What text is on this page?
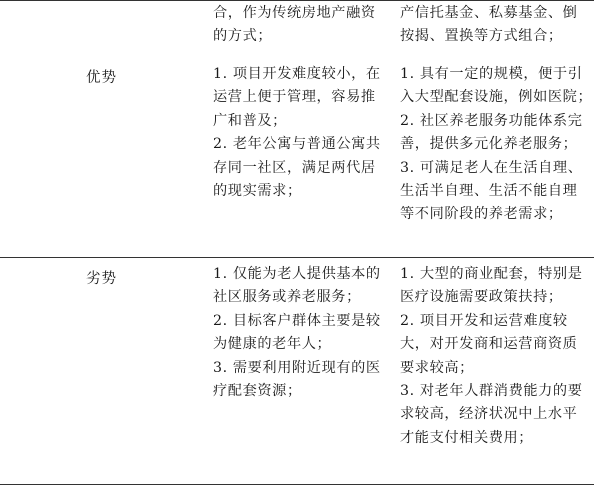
合，作为传统房地产融资
的方式；
产信托基金、私募基金、倒
按揭、置换等方式组合；
优势	1. 项目开发难度较小，在
运营上便于管理，容易推
广和普及；
2. 老年公寓与普通公寓共
存同一社区，满足两代居
的现实需求；
1. 具有一定的规模，便于引
入大型配套设施，例如医院；
2. 社区养老服务功能体系完
善，提供多元化养老服务；
3. 可满足老人在生活自理、
生活半自理、生活不能自理
等不同阶段的养老需求；
劣势	1. 仅能为老人提供基本的
社区服务或养老服务；
2. 目标客户群体主要是较
为健康的老年人；
3. 需要利用附近现有的医
疗配套资源；
1. 大型的商业配套，特别是
医疗设施需要政策扶持；
2. 项目开发和运营难度较
大，对开发商和运营商资质
要求较高；
3. 对老年人群消费能力的要
求较高，经济状况中上水平
才能支付相关费用；
